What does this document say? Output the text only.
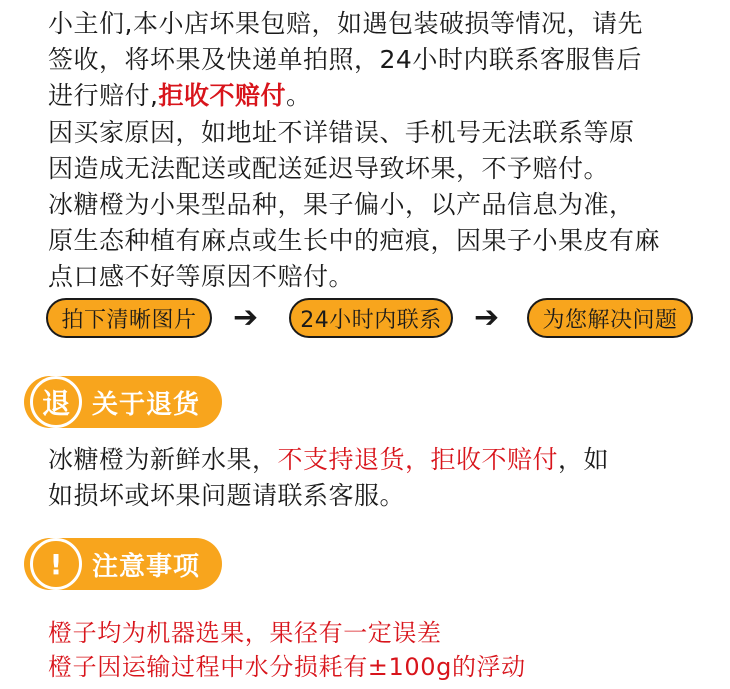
小主们,本小店坏果包赔，如遇包装破损等情况，请先
签收，将坏果及快递单拍照，24小时内联系客服售后
进行赔付,拒收不赔付。
因买家原因，如地址不详错误、手机号无法联系等原
因造成无法配送或配送延迟导致坏果，不予赔付。
冰糖橙为小果型品种，果子偏小，以产品信息为准，
原生态种植有麻点或生长中的疤痕，因果子小果皮有麻
点口感不好等原因不赔付。
拍下清晰图片	➔	24小时内联系	➔	为您解决问题
退 关于退货
冰糖橙为新鲜水果，不支持退货，拒收不赔付，如
如损坏或坏果问题请联系客服。
!	注意事项
橙子均为机器选果，果径有一定误差
橙子因运输过程中水分损耗有±100g的浮动
